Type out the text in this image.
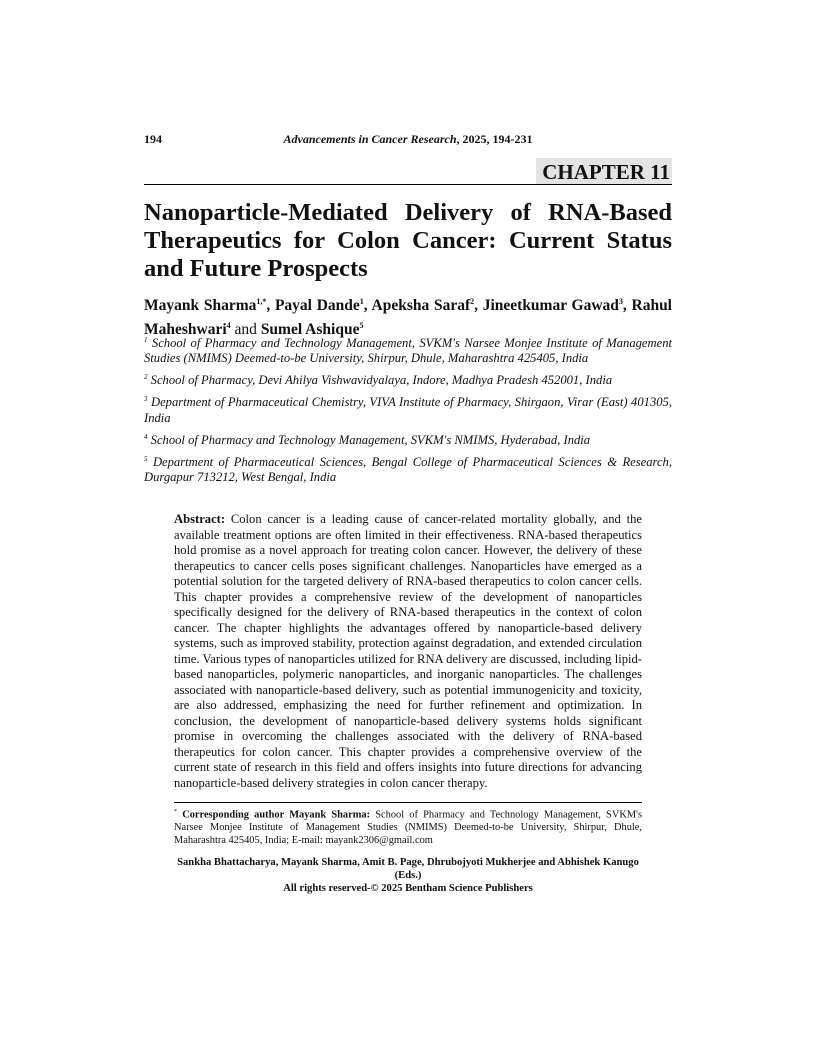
194	Advancements in Cancer Research, 2025, 194-231
CHAPTER 11
Nanoparticle-Mediated Delivery of RNA-Based Therapeutics for Colon Cancer: Current Status and Future Prospects
Mayank Sharma$^{1,*}$, Payal Dande$^1$, Apeksha Saraf$^2$, Jineetkumar Gawad$^3$, Rahul Maheshwari$^4$ and Sumel Ashique$^5$

$^1$ School of Pharmacy and Technology Management, SVKM's Narsee Monjee Institute of Management Studies (NMIMS) Deemed-to-be University, Shirpur, Dhule, Maharashtra 425405, India

$^2$ School of Pharmacy, Devi Ahilya Vishwavidyalaya, Indore, Madhya Pradesh 452001, India

$^3$ Department of Pharmaceutical Chemistry, VIVA Institute of Pharmacy, Shirgaon, Virar (East) 401305, India

$^4$ School of Pharmacy and Technology Management, SVKM's NMIMS, Hyderabad, India

$^5$ Department of Pharmaceutical Sciences, Bengal College of Pharmaceutical Sciences & Research, Durgapur 713212, West Bengal, India

Abstract: Colon cancer is a leading cause of cancer-related mortality globally, and the available treatment options are often limited in their effectiveness. RNA-based therapeutics hold promise as a novel approach for treating colon cancer. However, the delivery of these therapeutics to cancer cells poses significant challenges. Nanoparticles have emerged as a potential solution for the targeted delivery of RNA-based therapeutics to colon cancer cells. This chapter provides a comprehensive review of the development of nanoparticles specifically designed for the delivery of RNA-based therapeutics in the context of colon cancer. The chapter highlights the advantages offered by nanoparticle-based delivery systems, such as improved stability, protection against degradation, and extended circulation time. Various types of nanoparticles utilized for RNA delivery are discussed, including lipid-based nanoparticles, polymeric nanoparticles, and inorganic nanoparticles. The challenges associated with nanoparticle-based delivery, such as potential immunogenicity and toxicity, are also addressed, emphasizing the need for further refinement and optimization. In conclusion, the development of nanoparticle-based delivery systems holds significant promise in overcoming the challenges associated with the delivery of RNA-based therapeutics for colon cancer. This chapter provides a comprehensive overview of the current state of research in this field and offers insights into future directions for advancing nanoparticle-based delivery strategies in colon cancer therapy.
* Corresponding author Mayank Sharma: School of Pharmacy and Technology Management, SVKM's Narsee Monjee Institute of Management Studies (NMIMS) Deemed-to-be University, Shirpur, Dhule, Maharashtra 425405, India; E-mail: mayank2306@gmail.com
Sankha Bhattacharya, Mayank Sharma, Amit B. Page, Dhrubojyoti Mukherjee and Abhishek Kanugo (Eds.)
All rights reserved-© 2025 Bentham Science Publishers
